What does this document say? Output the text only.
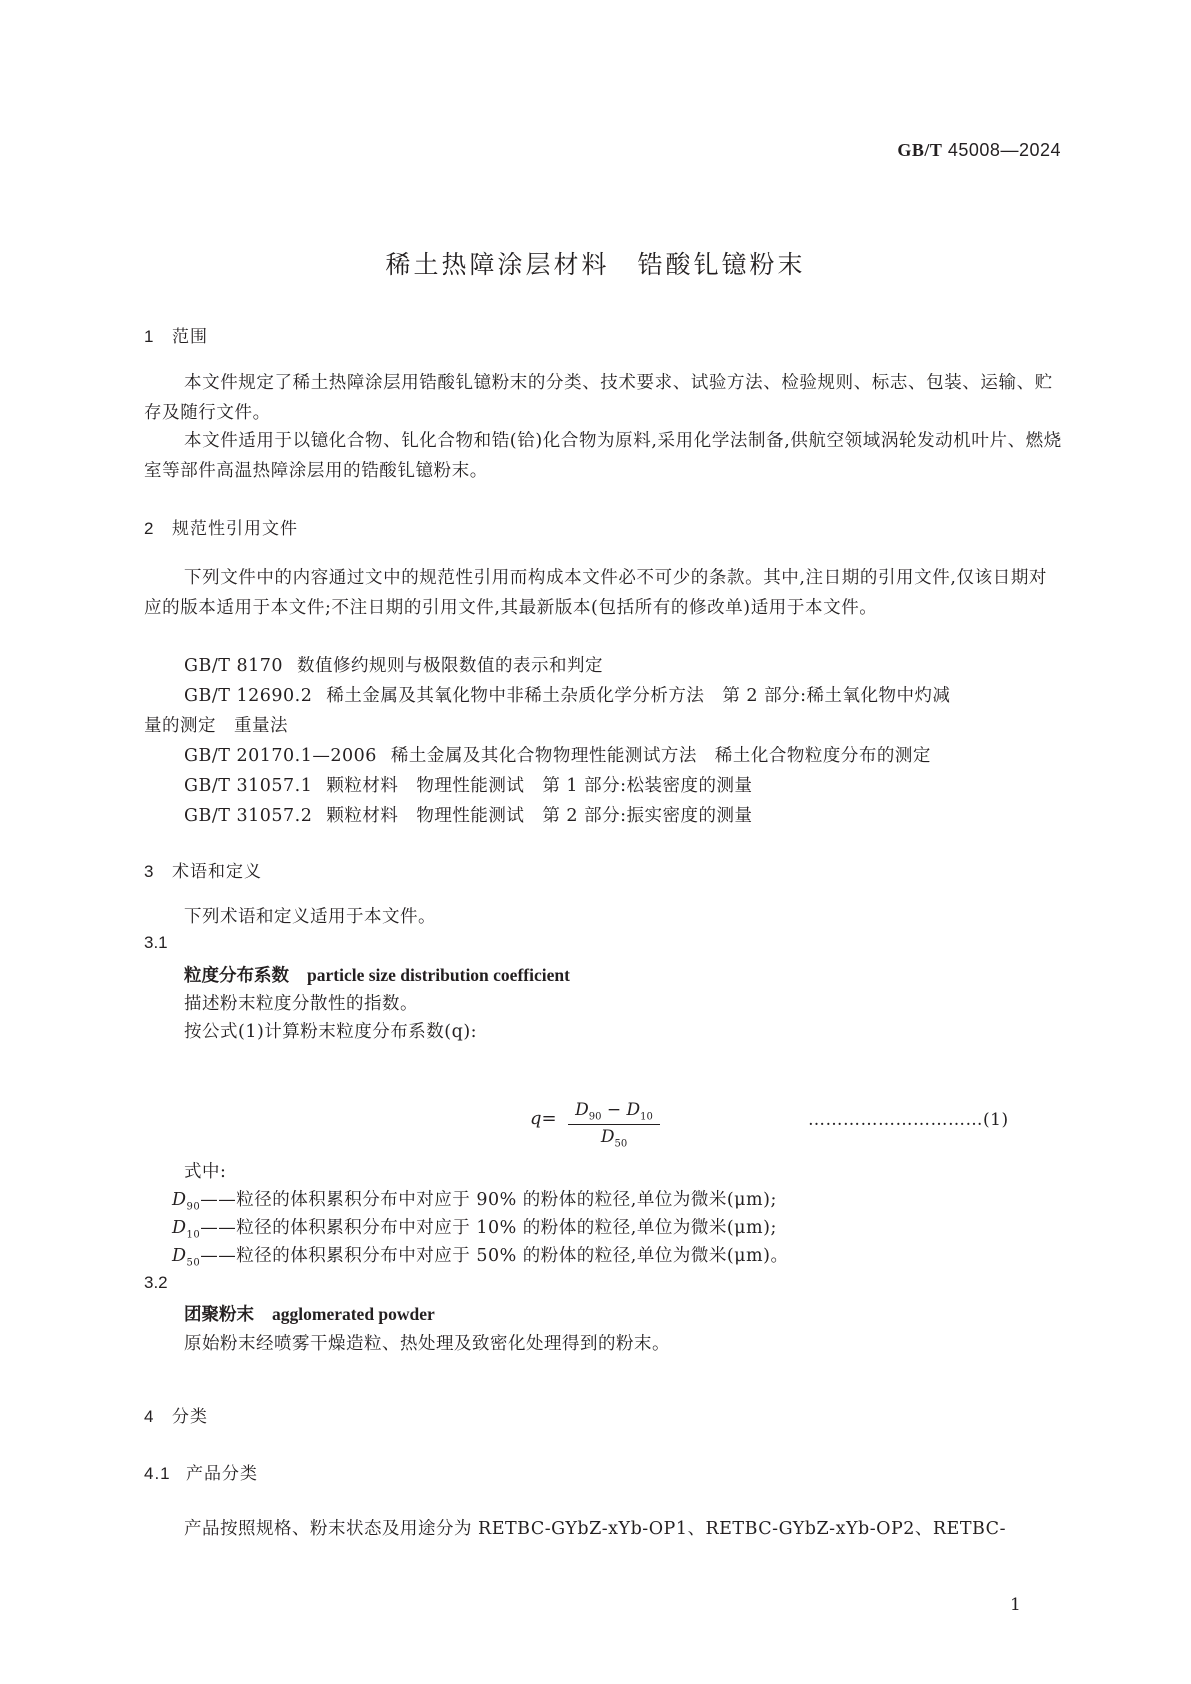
GB/T 45008—2024
稀土热障涂层材料 锆酸钆镱粉末
1 范围
本文件规定了稀土热障涂层用锆酸钆镱粉末的分类、技术要求、试验方法、检验规则、标志、包装、运输、贮存及随行文件。
本文件适用于以镱化合物、钆化合物和锆(铪)化合物为原料,采用化学法制备,供航空领域涡轮发动机叶片、燃烧室等部件高温热障涂层用的锆酸钆镱粉末。
2 规范性引用文件
下列文件中的内容通过文中的规范性引用而构成本文件必不可少的条款。其中,注日期的引用文件,仅该日期对应的版本适用于本文件;不注日期的引用文件,其最新版本(包括所有的修改单)适用于本文件。
GB/T 8170 数值修约规则与极限数值的表示和判定
GB/T 12690.2 稀土金属及其氧化物中非稀土杂质化学分析方法　第 2 部分:稀土氧化物中灼减
量的测定　重量法
GB/T 20170.1—2006 稀土金属及其化合物物理性能测试方法　稀土化合物粒度分布的测定
GB/T 31057.1 颗粒材料　物理性能测试　第 1 部分:松装密度的测量
GB/T 31057.2 颗粒材料　物理性能测试　第 2 部分:振实密度的测量
3 术语和定义
下列术语和定义适用于本文件。
3.1
粒度分布系数 particle size distribution coefficient
描述粉末粒度分散性的指数。
按公式(1)计算粉末粒度分布系数(q):
$q= \frac{D_{90} - D_{10}}{D_{50}}$	…………………………(1)
式中:
$D_{90}——$粒径的体积累积分布中对应于 90% 的粉体的粒径,单位为微米(μm);
$D_{10}——$粒径的体积累积分布中对应于 10% 的粉体的粒径,单位为微米(μm);
$D_{50}——$粒径的体积累积分布中对应于 50% 的粉体的粒径,单位为微米(μm)。
3.2
团聚粉末 agglomerated powder
原始粉末经喷雾干燥造粒、热处理及致密化处理得到的粉末。
4 分类
4.1 产品分类
产品按照规格、粉末状态及用途分为 RETBC-GYbZ-xYb-OP1、RETBC-GYbZ-xYb-OP2、RETBC-
1
